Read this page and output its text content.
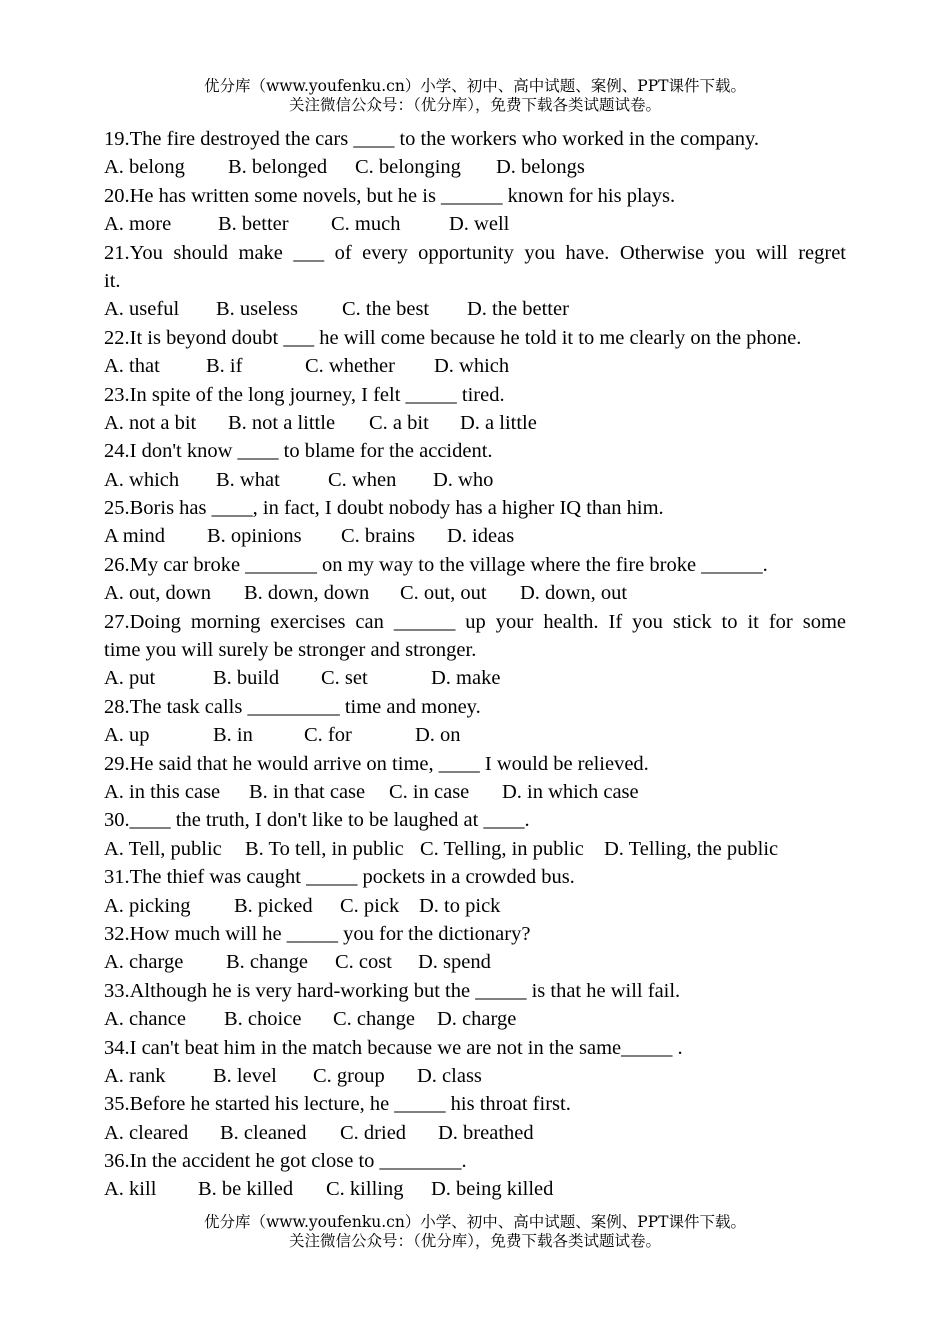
优分库（www.youfenku.cn）小学、初中、高中试题、案例、PPT课件下载。
关注微信公众号：（优分库），免费下载各类试题试卷。
19.The fire destroyed the cars ____ to the workers who worked in the company.
A. belong B. belonged C. belonging D. belongs
20.He has written some novels, but he is ______ known for his plays.
A. more B. better C. much D. well
21.You should make ___ of every opportunity you have. Otherwise you will regret
it.
A. useful B. useless C. the best D. the better
22.It is beyond doubt ___ he will come because he told it to me clearly on the phone.
A. that B. if	C. whether D. which
23.In spite of the long journey, I felt _____ tired.
A. not a bit B. not a little C. a bit D. a little
24.I don't know ____ to blame for the accident.
A. which B. what C. when D. who
25.Boris has ____, in fact, I doubt nobody has a higher IQ than him.
A mind B. opinions C. brains D. ideas
26.My car broke _______ on my way to the village where the fire broke ______.
A. out, down B. down, down C. out, out D. down, out
27.Doing morning exercises can ______ up your health. If you stick to it for some
time you will surely be stronger and stronger.
A. put	B. build C. set	D. make
28.The task calls _________ time and money.
A. up	B. in C. for	D. on
29.He said that he would arrive on time, ____ I would be relieved.
A. in this case B. in that case C. in case D. in which case
30.____ the truth, I don't like to be laughed at ____.
A. Tell, public B. To tell, in public C. Telling, in public D. Telling, the public
31.The thief was caught _____ pockets in a crowded bus.
A. picking B. picked C. pick D. to pick
32.How much will he _____ you for the dictionary?
A. charge B. change C. cost D. spend
33.Although he is very hard-working but the _____ is that he will fail.
A. chance B. choice C. change D. charge
34.I can't beat him in the match because we are not in the same_____ .
A. rank B. level C. group D. class
35.Before he started his lecture, he _____ his throat first.
A. cleared B. cleaned C. dried D. breathed
36.In the accident he got close to ________.
A. kill B. be killed C. killing D. being killed
优分库（www.youfenku.cn）小学、初中、高中试题、案例、PPT课件下载。
关注微信公众号：（优分库），免费下载各类试题试卷。
